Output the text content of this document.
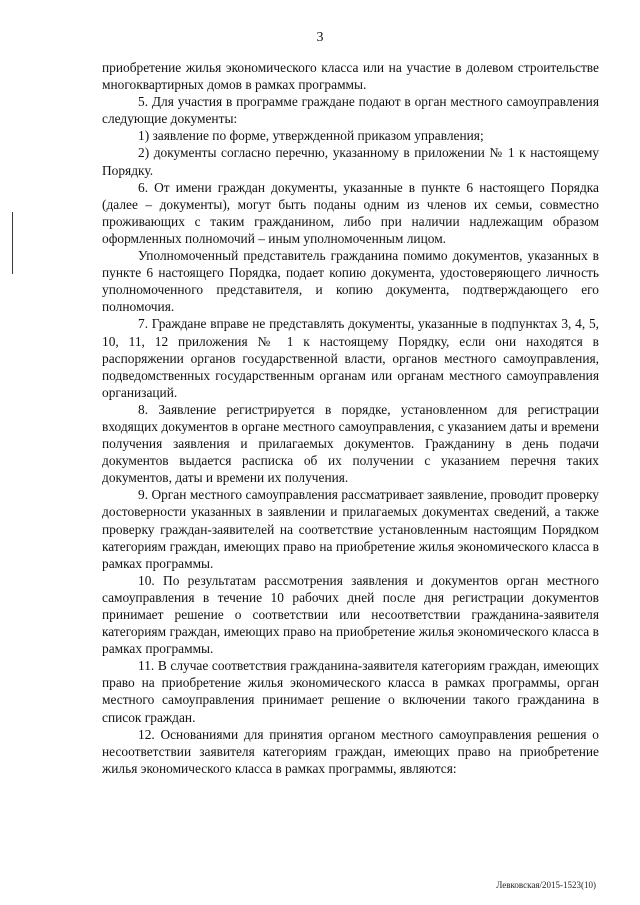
3

приобретение жилья экономического класса или на участие в долевом строительстве многоквартирных домов в рамках программы.

5. Для участия в программе граждане подают в орган местного самоуправления следующие документы:

1) заявление по форме, утвержденной приказом управления;

2) документы согласно перечню, указанному в приложении № 1 к настоящему Порядку.

6. От имени граждан документы, указанные в пункте 6 настоящего Порядка (далее – документы), могут быть поданы одним из членов их семьи, совместно проживающих с таким гражданином, либо при наличии надлежащим образом оформленных полномочий – иным уполномоченным лицом.

Уполномоченный представитель гражданина помимо документов, указанных в пункте 6 настоящего Порядка, подает копию документа, удостоверяющего личность уполномоченного представителя, и копию документа, подтверждающего его полномочия.

7. Граждане вправе не представлять документы, указанные в подпунктах 3, 4, 5, 10, 11, 12 приложения № 1 к настоящему Порядку, если они находятся в распоряжении органов государственной власти, органов местного самоуправления, подведомственных государственным органам или органам местного самоуправления организаций.

8. Заявление регистрируется в порядке, установленном для регистрации входящих документов в органе местного самоуправления, с указанием даты и времени получения заявления и прилагаемых документов. Гражданину в день подачи документов выдается расписка об их получении с указанием перечня таких документов, даты и времени их получения.

9. Орган местного самоуправления рассматривает заявление, проводит проверку достоверности указанных в заявлении и прилагаемых документах сведений, а также проверку граждан-заявителей на соответствие установленным настоящим Порядком категориям граждан, имеющих право на приобретение жилья экономического класса в рамках программы.

10. По результатам рассмотрения заявления и документов орган местного самоуправления в течение 10 рабочих дней после дня регистрации документов принимает решение о соответствии или несоответствии гражданина-заявителя категориям граждан, имеющих право на приобретение жилья экономического класса в рамках программы.

11. В случае соответствия гражданина-заявителя категориям граждан, имеющих право на приобретение жилья экономического класса в рамках программы, орган местного самоуправления принимает решение о включении такого гражданина в список граждан.

12. Основаниями для принятия органом местного самоуправления решения о несоответствии заявителя категориям граждан, имеющих право на приобретение жилья экономического класса в рамках программы, являются:

Левковская/2015-1523(10)
